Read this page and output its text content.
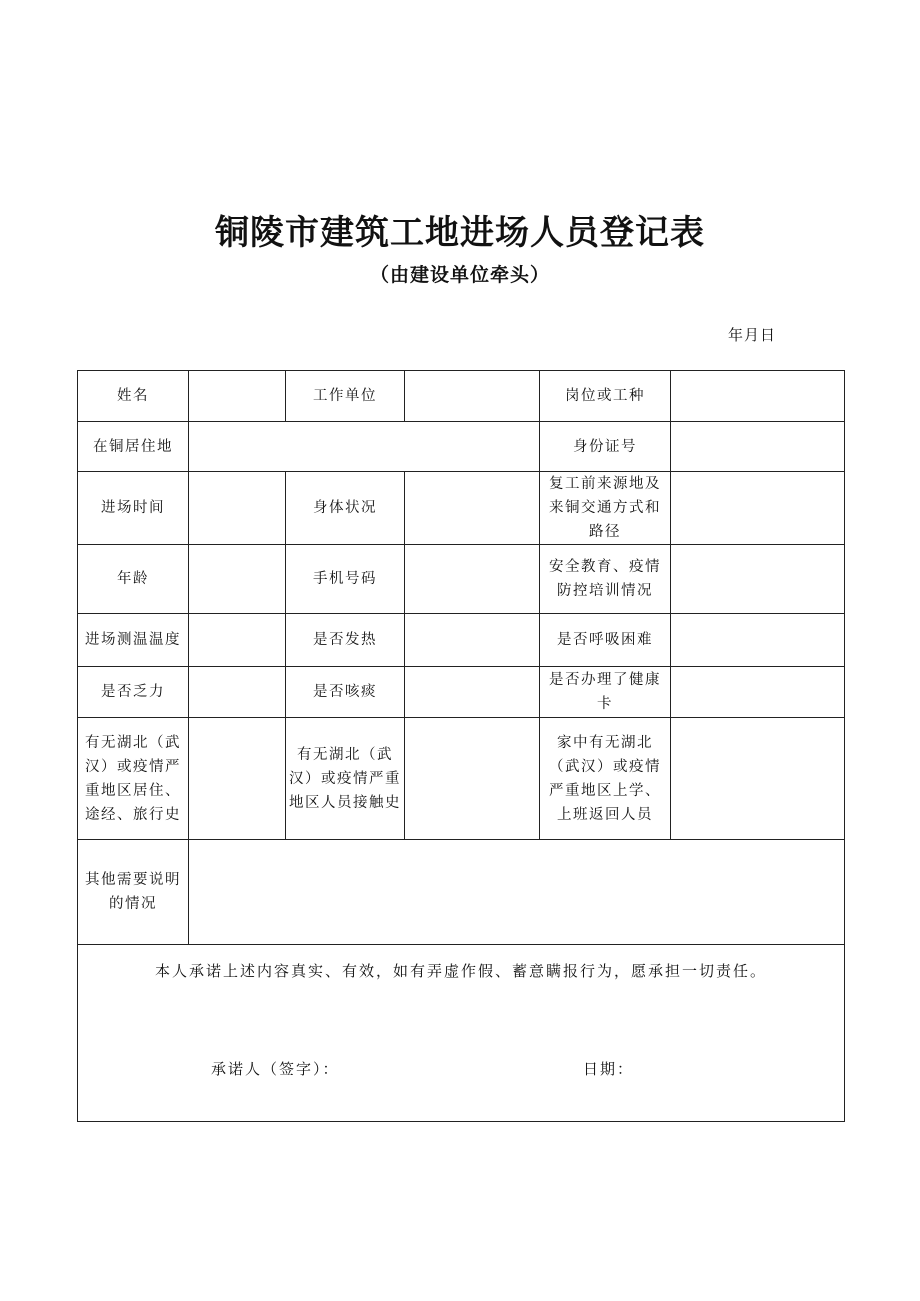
铜陵市建筑工地进场人员登记表
（由建设单位牵头）
年月日
姓名		工作单位		岗位或工种	
在铜居住地				身份证号	
进场时间		身体状况		复工前来源地及来铜交通方式和路径	
年龄		手机号码		安全教育、疫情防控培训情况	
进场测温温度		是否发热		是否呼吸困难	
是否乏力		是否咳痰		是否办理了健康卡	
有无湖北（武汉）或疫情严重地区居住、途经、旅行史		有无湖北（武汉）或疫情严重地区人员接触史		家中有无湖北（武汉）或疫情严重地区上学、上班返回人员	
其他需要说明的情况					

本人承诺上述内容真实、有效，如有弄虚作假、蓄意瞒报行为，愿承担一切责任。
承诺人（签字）： 日期：					
